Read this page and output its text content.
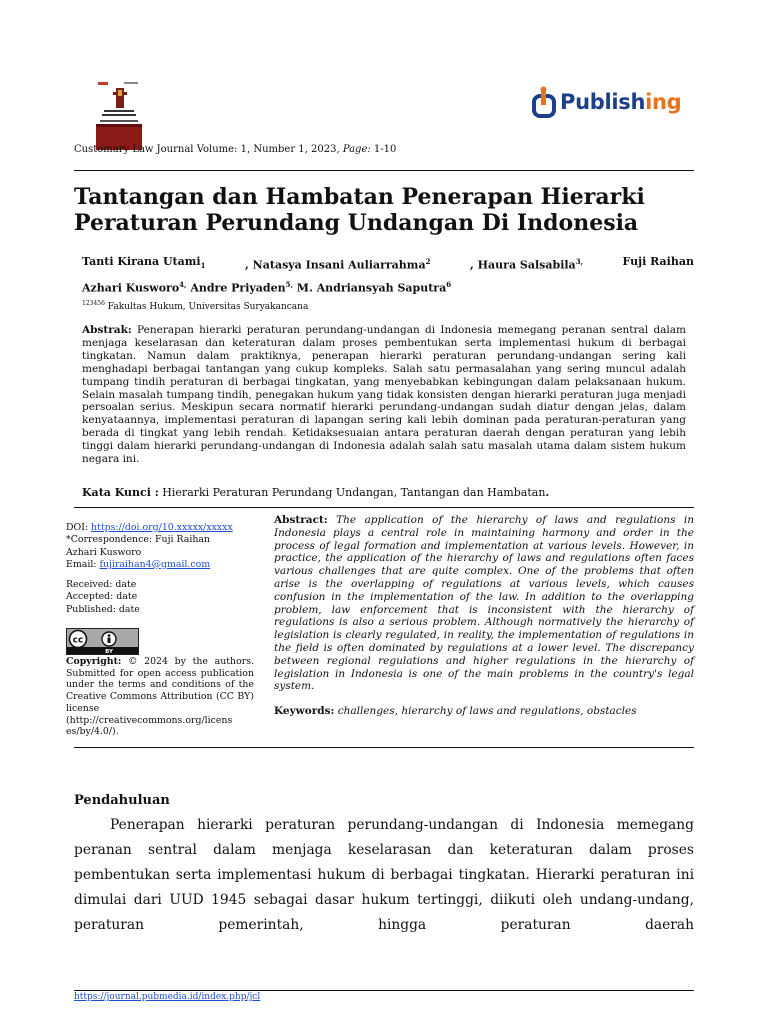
Publishing
Customary Law Journal Volume: 1, Number 1, 2023, Page: 1-10
Tantangan dan Hambatan Penerapan Hierarki Peraturan Perundang Undangan Di Indonesia
Tanti Kirana Utami$_1$	, Natasya Insani Auliarrahma$^2$	, Haura Salsabila$^{3,}$	Fuji Raihan
Azhari Kusworo$^{4,}$ Andre Priyaden$^{5,}$ M. Andriansyah Saputra$^6$
$^{123456}$ Fakultas Hukum, Universitas Suryakancana
Abstrak: Penerapan hierarki peraturan perundang-undangan di Indonesia memegang peranan sentral dalam menjaga keselarasan dan keteraturan dalam proses pembentukan serta implementasi hukum di berbagai tingkatan. Namun dalam praktiknya, penerapan hierarki peraturan perundang-undangan sering kali menghadapi berbagai tantangan yang cukup kompleks. Salah satu permasalahan yang sering muncul adalah tumpang tindih peraturan di berbagai tingkatan, yang menyebabkan kebingungan dalam pelaksanaan hukum. Selain masalah tumpang tindih, penegakan hukum yang tidak konsisten dengan hierarki peraturan juga menjadi persoalan serius. Meskipun secara normatif hierarki perundang-undangan sudah diatur dengan jelas, dalam kenyataannya, implementasi peraturan di lapangan sering kali lebih dominan pada peraturan-peraturan yang berada di tingkat yang lebih rendah. Ketidaksesuaian antara peraturan daerah dengan peraturan yang lebih tinggi dalam hierarki perundang-undangan di Indonesia adalah salah satu masalah utama dalam sistem hukum negara ini.
Kata Kunci : Hierarki Peraturan Perundang Undangan, Tantangan dan Hambatan.
DOI: https://doi.org/10.xxxxx/xxxxx
*Correspondence: Fuji Raihan
Azhari Kusworo
Email: fujiraihan4@gmail.com
Received: date
Accepted: date
Published: date
cc
BY
Copyright: © 2024 by the authors. Submitted for open access publication under the terms and conditions of the Creative Commons Attribution (CC BY) license
(http://creativecommons.org/licens
es/by/4.0/).
Abstract: The application of the hierarchy of laws and regulations in Indonesia plays a central role in maintaining harmony and order in the process of legal formation and implementation at various levels. However, in practice, the application of the hierarchy of laws and regulations often faces various challenges that are quite complex. One of the problems that often arise is the overlapping of regulations at various levels, which causes confusion in the implementation of the law. In addition to the overlapping problem, law enforcement that is inconsistent with the hierarchy of regulations is also a serious problem. Although normatively the hierarchy of legislation is clearly regulated, in reality, the implementation of regulations in the field is often dominated by regulations at a lower level. The discrepancy between regional regulations and higher regulations in the hierarchy of legislation in Indonesia is one of the main problems in the country's legal system.
Keywords: challenges, hierarchy of laws and regulations, obstacles
Pendahuluan

Penerapan hierarki peraturan perundang-undangan di Indonesia memegang peranan sentral dalam menjaga keselarasan dan keteraturan dalam proses pembentukan serta implementasi hukum di berbagai tingkatan. Hierarki peraturan ini dimulai dari UUD 1945 sebagai dasar hukum tertinggi, diikuti oleh undang-undang, peraturan pemerintah, hingga peraturan daerah

https://journal.pubmedia.id/index.php/jcl
